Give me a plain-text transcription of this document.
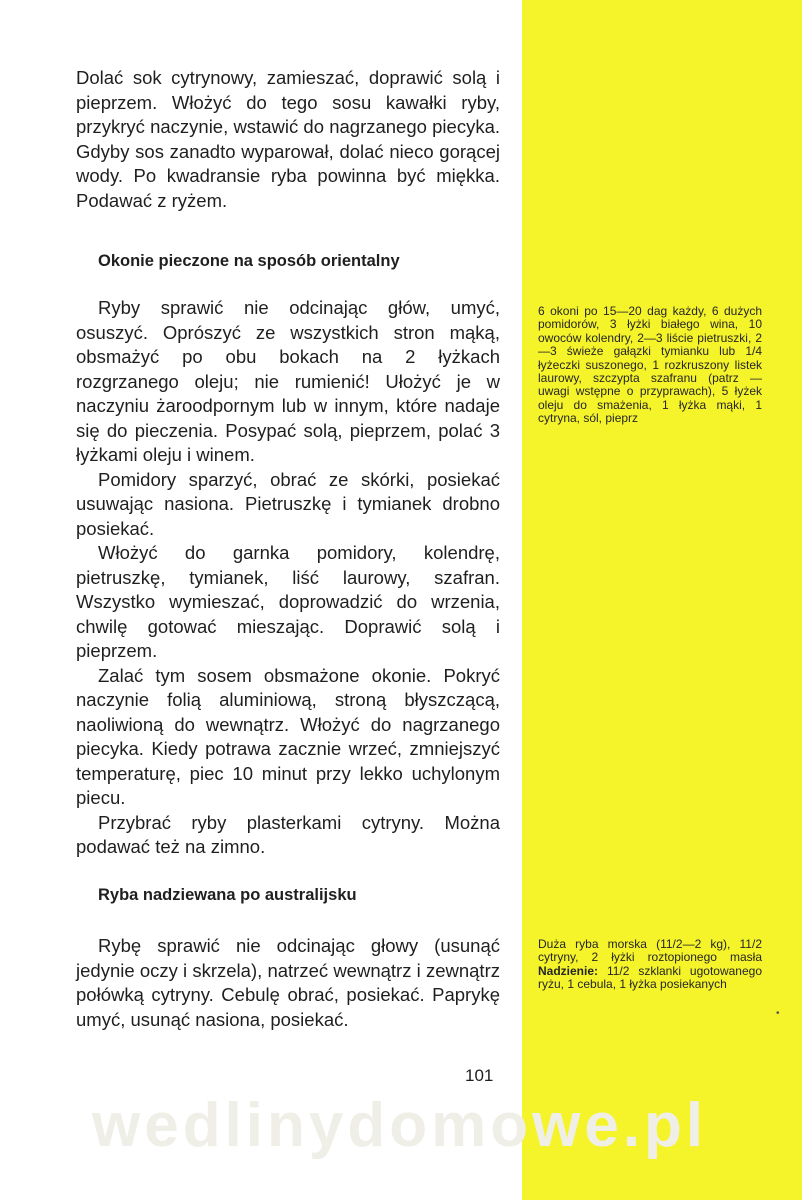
Dolać sok cytrynowy, zamieszać, doprawić solą i pieprzem. Włożyć do tego sosu kawałki ryby, przykryć naczynie, wstawić do nagrzanego piecyka. Gdyby sos zanadto wyparował, dolać nieco gorącej wody. Po kwadransie ryba powinna być miękka. Podawać z ryżem.

Okonie pieczone na sposób orientalny

Ryby sprawić nie odcinając głów, umyć, osuszyć. Oprószyć ze wszystkich stron mąką, obsmażyć po obu bokach na 2 łyżkach rozgrzanego oleju; nie rumienić! Ułożyć je w naczyniu żaroodpornym lub w innym, które nadaje się do pieczenia. Posypać solą, pieprzem, polać 3 łyżkami oleju i winem.

Pomidory sparzyć, obrać ze skórki, posiekać usuwając nasiona. Pietruszkę i tymianek drobno posiekać.

Włożyć do garnka pomidory, kolendrę, pietruszkę, tymianek, liść laurowy, szafran. Wszystko wymieszać, doprowadzić do wrzenia, chwilę gotować mieszając. Doprawić solą i pieprzem.

Zalać tym sosem obsmażone okonie. Pokryć naczynie folią aluminiową, stroną błyszczącą, naoliwioną do wewnątrz. Włożyć do nagrzanego piecyka. Kiedy potrawa zacznie wrzeć, zmniejszyć temperaturę, piec 10 minut przy lekko uchylonym piecu.

Przybrać ryby plasterkami cytryny. Można podawać też na zimno.

6 okoni po 15—20 dag każdy, 6 dużych pomidorów, 3 łyżki białego wina, 10 owoców kolendry, 2—3 liście pietruszki, 2—3 świeże gałązki tymianku lub 1/4 łyżeczki suszonego, 1 rozkruszony listek laurowy, szczypta szafranu (patrz — uwagi wstępne o przyprawach), 5 łyżek oleju do smażenia, 1 łyżka mąki, 1 cytryna, sól, pieprz

Ryba nadziewana po australijsku

Rybę sprawić nie odcinając głowy (usunąć jedynie oczy i skrzela), natrzeć wewnątrz i zewnątrz połówką cytryny. Cebulę obrać, posiekać. Paprykę umyć, usunąć nasiona, posiekać.

Duża ryba morska (11/2—2 kg), 11/2 cytryny, 2 łyżki roztopionego masła Nadzienie: 11/2 szklanki ugotowanego ryżu, 1 cebula, 1 łyżka posiekanych

•
101
wedlinydomowe.pl
